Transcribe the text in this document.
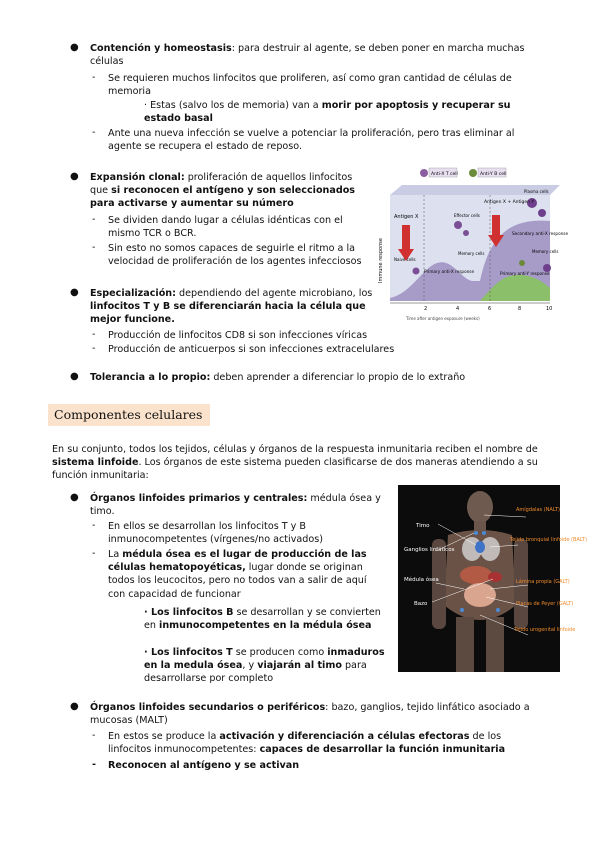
● Contención y homeostasis: para destruir al agente, se deben poner en marcha muchas células
- Se requieren muchos linfocitos que proliferen, así como gran cantidad de células de memoria
· Estas (salvo los de memoria) van a morir por apoptosis y recuperar su estado basal
- Ante una nueva infección se vuelve a potenciar la proliferación, pero tras eliminar al agente se recupera el estado de reposo.
● Expansión clonal: proliferación de aquellos linfocitos que si reconocen el antígeno y son seleccionados para activarse y aumentar su número
- Se dividen dando lugar a células idénticas con el mismo TCR o BCR.
- Sin esto no somos capaces de seguirle el ritmo a la velocidad de proliferación de los agentes infecciosos
Anti-X T cell	Anti-Y B cell
Antigen X
Antigen X + Antigen Y
Naive cells
Primary anti-X response
Memory cells
Effector cells
Secondary anti-X response
Primary anti-Y response
Plasma cells
Memory cells
Immune response
2	4	6	8	10
Time after antigen exposure (weeks)
● Especialización: dependiendo del agente microbiano, los linfocitos T y B se diferenciarán hacia la célula que mejor funcione.
- Producción de linfocitos CD8 si son infecciones víricas
- Producción de anticuerpos si son infecciones extracelulares
● Tolerancia a lo propio: deben aprender a diferenciar lo propio de lo extraño
Componentes celulares
En su conjunto, todos los tejidos, células y órganos de la respuesta inmunitaria reciben el nombre de sistema linfoide. Los órganos de este sistema pueden clasificarse de dos maneras atendiendo a su función inmunitaria:
● Órganos linfoides primarios y centrales: médula ósea y timo.
- En ellos se desarrollan los linfocitos T y B inmunocompetentes (vírgenes/no activados)
- La médula ósea es el lugar de producción de las células hematopoyéticas, lugar donde se originan todos los leucocitos, pero no todos van a salir de aquí con capacidad de funcionar
· Los linfocitos B se desarrollan y se convierten en inmunocompetentes en la médula ósea
· Los linfocitos T se producen como inmaduros en la medula ósea, y viajarán al timo para desarrollarse por completo
Timo
Ganglios linfáticos
Médula ósea
Bazo
Amígdalas (NALT)
Tejido bronquial linfoide (BALT)
Lámina propia (GALT)
Placas de Peyer (GALT)
Tejido urogenital linfoide
● Órganos linfoides secundarios o periféricos: bazo, ganglios, tejido linfático asociado a mucosas (MALT)
- En estos se produce la activación y diferenciación a células efectoras de los linfocitos inmunocompetentes: capaces de desarrollar la función inmunitaria
- Reconocen al antígeno y se activan
